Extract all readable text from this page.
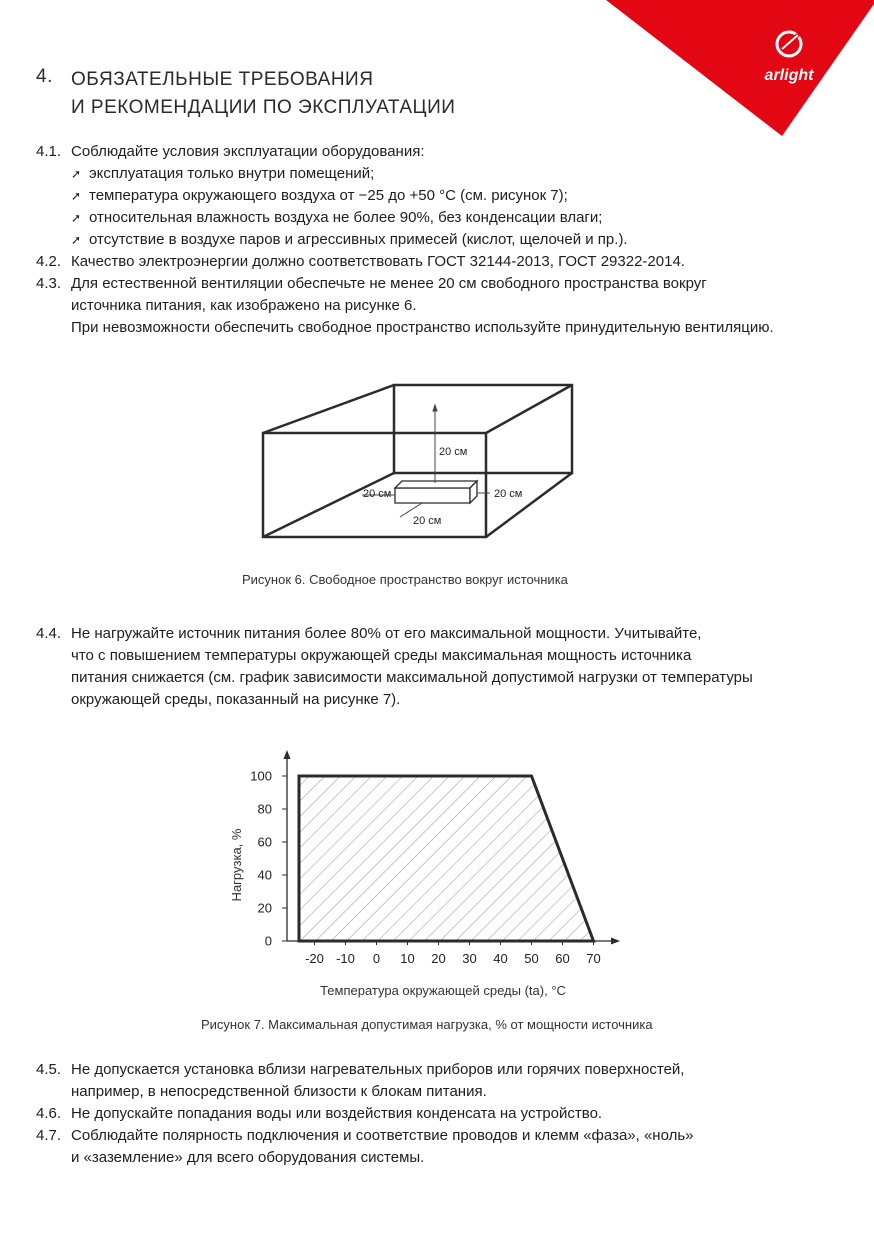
arlight
4. ОБЯЗАТЕЛЬНЫЕ ТРЕБОВАНИЯ
И РЕКОМЕНДАЦИИ ПО ЭКСПЛУАТАЦИИ
4.1. Соблюдайте условия эксплуатации оборудования:
➚ эксплуатация только внутри помещений;
➚ температура окружающего воздуха от −25 до +50 °С (см. рисунок 7);
➚ относительная влажность воздуха не более 90%, без конденсации влаги;
➚ отсутствие в воздухе паров и агрессивных примесей (кислот, щелочей и пр.).
4.2. Качество электроэнергии должно соответствовать ГОСТ 32144-2013, ГОСТ 29322-2014.
4.3. Для естественной вентиляции обеспечьте не менее 20 см свободного пространства вокруг
источника питания, как изображено на рисунке 6.
При невозможности обеспечить свободное пространство используйте принудительную вентиляцию.
20 см
20 см	20 см
20 см
Рисунок 6. Свободное пространство вокруг источника
4.4. Не нагружайте источник питания более 80% от его максимальной мощности. Учитывайте,
что с повышением температуры окружающей среды максимальная мощность источника
питания снижается (см. график зависимости максимальной допустимой нагрузки от температуры
окружающей среды, показанный на рисунке 7).
0
20
40
60
80
100
-20 -10 0 10 20 30 40 50 60 70
Нагрузка, %
Температура окружающей среды (ta), °С
Рисунок 7. Максимальная допустимая нагрузка, % от мощности источника
4.5. Не допускается установка вблизи нагревательных приборов или горячих поверхностей,
например, в непосредственной близости к блокам питания.
4.6. Не допускайте попадания воды или воздействия конденсата на устройство.
4.7. Соблюдайте полярность подключения и соответствие проводов и клемм «фаза», «ноль»
и «заземление» для всего оборудования системы.
